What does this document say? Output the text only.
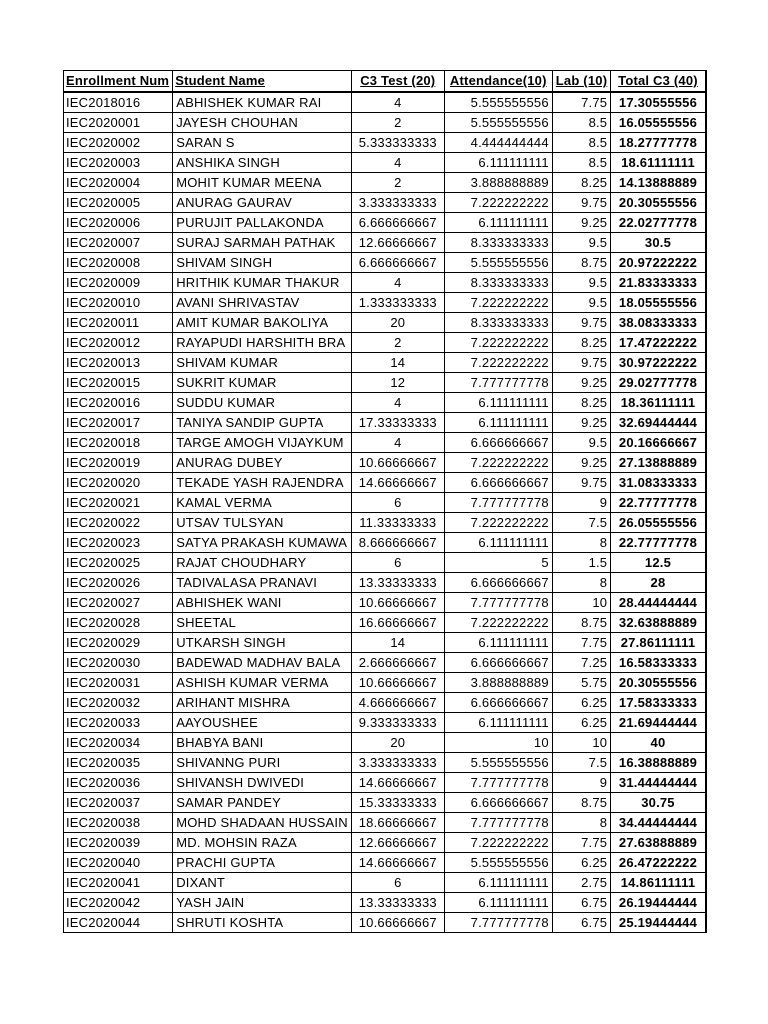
Enrollment Num	Student Name	C3 Test (20)	Attendance(10)	Lab (10)	Total C3 (40)
IEC2018016	ABHISHEK KUMAR RAI	4	5.555555556	7.75	17.30555556
IEC2020001	JAYESH CHOUHAN	2	5.555555556	8.5	16.05555556
IEC2020002	SARAN S	5.333333333	4.444444444	8.5	18.27777778
IEC2020003	ANSHIKA SINGH	4	6.111111111	8.5	18.61111111
IEC2020004	MOHIT KUMAR MEENA	2	3.888888889	8.25	14.13888889
IEC2020005	ANURAG GAURAV	3.333333333	7.222222222	9.75	20.30555556
IEC2020006	PURUJIT PALLAKONDA	6.666666667	6.111111111	9.25	22.02777778
IEC2020007	SURAJ SARMAH PATHAK	12.66666667	8.333333333	9.5	30.5
IEC2020008	SHIVAM SINGH	6.666666667	5.555555556	8.75	20.97222222
IEC2020009	HRITHIK KUMAR THAKUR	4	8.333333333	9.5	21.83333333
IEC2020010	AVANI SHRIVASTAV	1.333333333	7.222222222	9.5	18.05555556
IEC2020011	AMIT KUMAR BAKOLIYA	20	8.333333333	9.75	38.08333333
IEC2020012	RAYAPUDI HARSHITH BRA	2	7.222222222	8.25	17.47222222
IEC2020013	SHIVAM KUMAR	14	7.222222222	9.75	30.97222222
IEC2020015	SUKRIT KUMAR	12	7.777777778	9.25	29.02777778
IEC2020016	SUDDU KUMAR	4	6.111111111	8.25	18.36111111
IEC2020017	TANIYA SANDIP GUPTA	17.33333333	6.111111111	9.25	32.69444444
IEC2020018	TARGE AMOGH VIJAYKUM	4	6.666666667	9.5	20.16666667
IEC2020019	ANURAG DUBEY	10.66666667	7.222222222	9.25	27.13888889
IEC2020020	TEKADE YASH RAJENDRA	14.66666667	6.666666667	9.75	31.08333333
IEC2020021	KAMAL VERMA	6	7.777777778	9	22.77777778
IEC2020022	UTSAV TULSYAN	11.33333333	7.222222222	7.5	26.05555556
IEC2020023	SATYA PRAKASH KUMAWA	8.666666667	6.111111111	8	22.77777778
IEC2020025	RAJAT CHOUDHARY	6	5	1.5	12.5
IEC2020026	TADIVALASA PRANAVI	13.33333333	6.666666667	8	28
IEC2020027	ABHISHEK WANI	10.66666667	7.777777778	10	28.44444444
IEC2020028	SHEETAL	16.66666667	7.222222222	8.75	32.63888889
IEC2020029	UTKARSH SINGH	14	6.111111111	7.75	27.86111111
IEC2020030	BADEWAD MADHAV BALA	2.666666667	6.666666667	7.25	16.58333333
IEC2020031	ASHISH KUMAR VERMA	10.66666667	3.888888889	5.75	20.30555556
IEC2020032	ARIHANT MISHRA	4.666666667	6.666666667	6.25	17.58333333
IEC2020033	AAYOUSHEE	9.333333333	6.111111111	6.25	21.69444444
IEC2020034	BHABYA BANI	20	10	10	40
IEC2020035	SHIVANNG PURI	3.333333333	5.555555556	7.5	16.38888889
IEC2020036	SHIVANSH DWIVEDI	14.66666667	7.777777778	9	31.44444444
IEC2020037	SAMAR PANDEY	15.33333333	6.666666667	8.75	30.75
IEC2020038	MOHD SHADAAN HUSSAIN	18.66666667	7.777777778	8	34.44444444
IEC2020039	MD. MOHSIN RAZA	12.66666667	7.222222222	7.75	27.63888889
IEC2020040	PRACHI GUPTA	14.66666667	5.555555556	6.25	26.47222222
IEC2020041	DIXANT	6	6.111111111	2.75	14.86111111
IEC2020042	YASH JAIN	13.33333333	6.111111111	6.75	26.19444444
IEC2020044	SHRUTI KOSHTA	10.66666667	7.777777778	6.75	25.19444444
